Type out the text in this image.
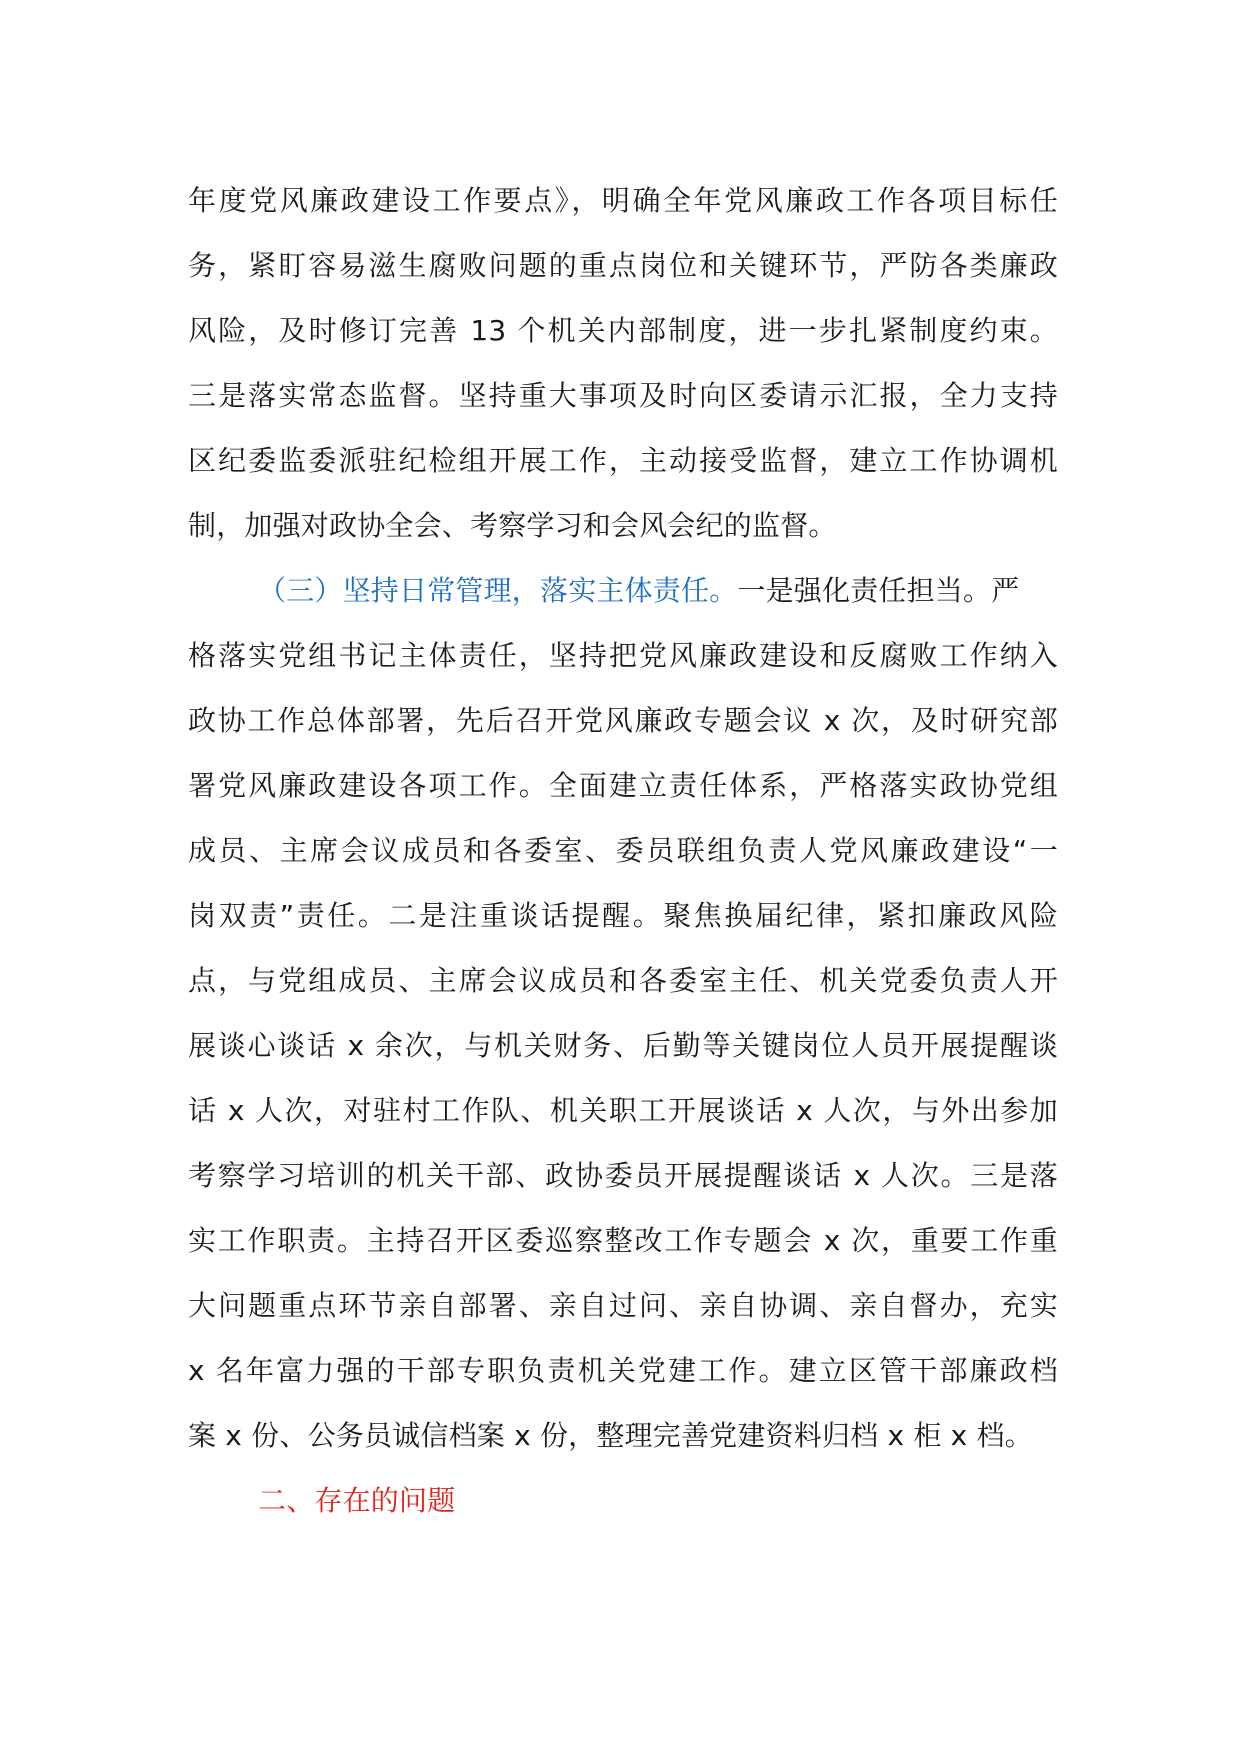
年度党风廉政建设工作要点》，明确全年党风廉政工作各项目标任
务，紧盯容易滋生腐败问题的重点岗位和关键环节，严防各类廉政
风险，及时修订完善 13 个机关内部制度，进一步扎紧制度约束。
三是落实常态监督。坚持重大事项及时向区委请示汇报，全力支持
区纪委监委派驻纪检组开展工作，主动接受监督，建立工作协调机
制，加强对政协全会、考察学习和会风会纪的监督。
（三）坚持日常管理，落实主体责任。一是强化责任担当。严
格落实党组书记主体责任，坚持把党风廉政建设和反腐败工作纳入
政协工作总体部署，先后召开党风廉政专题会议 x 次，及时研究部
署党风廉政建设各项工作。全面建立责任体系，严格落实政协党组
成员、主席会议成员和各委室、委员联组负责人党风廉政建设“一
岗双责”责任。二是注重谈话提醒。聚焦换届纪律，紧扣廉政风险
点，与党组成员、主席会议成员和各委室主任、机关党委负责人开
展谈心谈话 x 余次，与机关财务、后勤等关键岗位人员开展提醒谈
话 x 人次，对驻村工作队、机关职工开展谈话 x 人次，与外出参加
考察学习培训的机关干部、政协委员开展提醒谈话 x 人次。三是落
实工作职责。主持召开区委巡察整改工作专题会 x 次，重要工作重
大问题重点环节亲自部署、亲自过问、亲自协调、亲自督办，充实
x 名年富力强的干部专职负责机关党建工作。建立区管干部廉政档
案 x 份、公务员诚信档案 x 份，整理完善党建资料归档 x 柜 x 档。
二、存在的问题
